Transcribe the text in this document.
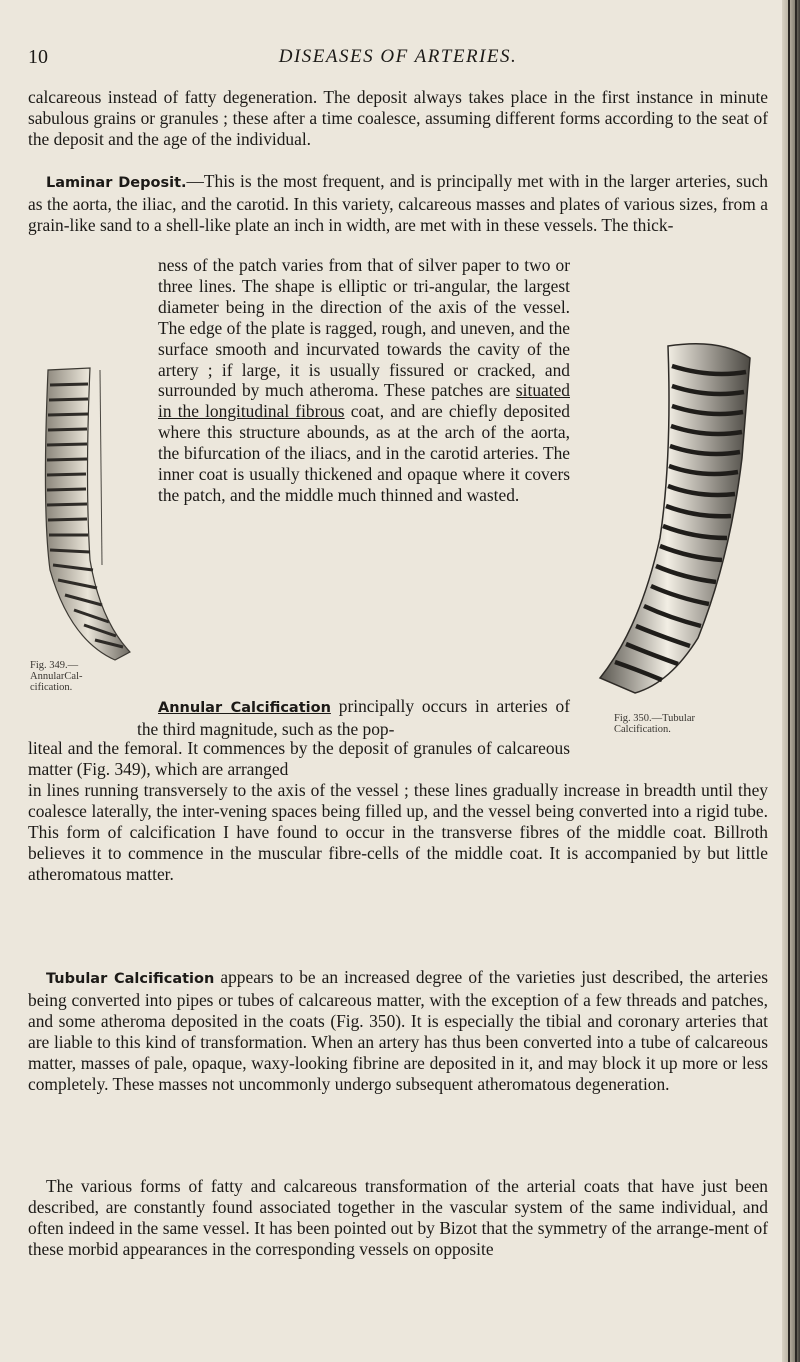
10	DISEASES OF ARTERIES.

calcareous instead of fatty degeneration. The deposit always takes place in the first instance in minute sabulous grains or granules ; these after a time coalesce, assuming different forms according to the seat of the deposit and the age of the individual.

Laminar Deposit.—This is the most frequent, and is principally met with in the larger arteries, such as the aorta, the iliac, and the carotid. In this variety, calcareous masses and plates of various sizes, from a grain-like sand to a shell-like plate an inch in width, are met with in these vessels. The thick-

ness of the patch varies from that of silver paper to two or three lines. The shape is elliptic or tri-angular, the largest diameter being in the direction of the axis of the vessel. The edge of the plate is ragged, rough, and uneven, and the surface smooth and incurvated towards the cavity of the artery ; if large, it is usually fissured or cracked, and surrounded by much atheroma. These patches are situated in the longitudinal fibrous coat, and are chiefly deposited where this structure abounds, as at the arch of the aorta, the bifurcation of the iliacs, and in the carotid arteries. The inner coat is usually thickened and opaque where it covers the patch, and the middle much thinned and wasted.

Annular Calcification principally occurs in arteries of the third magnitude, such as the pop-

liteal and the femoral. It commences by the deposit of granules of calcareous matter (Fig. 349), which are arranged

in lines running transversely to the axis of the vessel ; these lines gradually increase in breadth until they coalesce laterally, the inter-vening spaces being filled up, and the vessel being converted into a rigid tube. This form of calcification I have found to occur in the transverse fibres of the middle coat. Billroth believes it to commence in the muscular fibre-cells of the middle coat. It is accompanied by but little atheromatous matter.

Tubular Calcification appears to be an increased degree of the varieties just described, the arteries being converted into pipes or tubes of calcareous matter, with the exception of a few threads and patches, and some atheroma deposited in the coats (Fig. 350). It is especially the tibial and coronary arteries that are liable to this kind of transformation. When an artery has thus been converted into a tube of calcareous matter, masses of pale, opaque, waxy-looking fibrine are deposited in it, and may block it up more or less completely. These masses not uncommonly undergo subsequent atheromatous degeneration.

The various forms of fatty and calcareous transformation of the arterial coats that have just been described, are constantly found associated together in the vascular system of the same individual, and often indeed in the same vessel. It has been pointed out by Bizot that the symmetry of the arrange-ment of these morbid appearances in the corresponding vessels on opposite

Fig. 349.—
AnnularCal-
cification.
Fig. 350.—Tubular
Calcification.
